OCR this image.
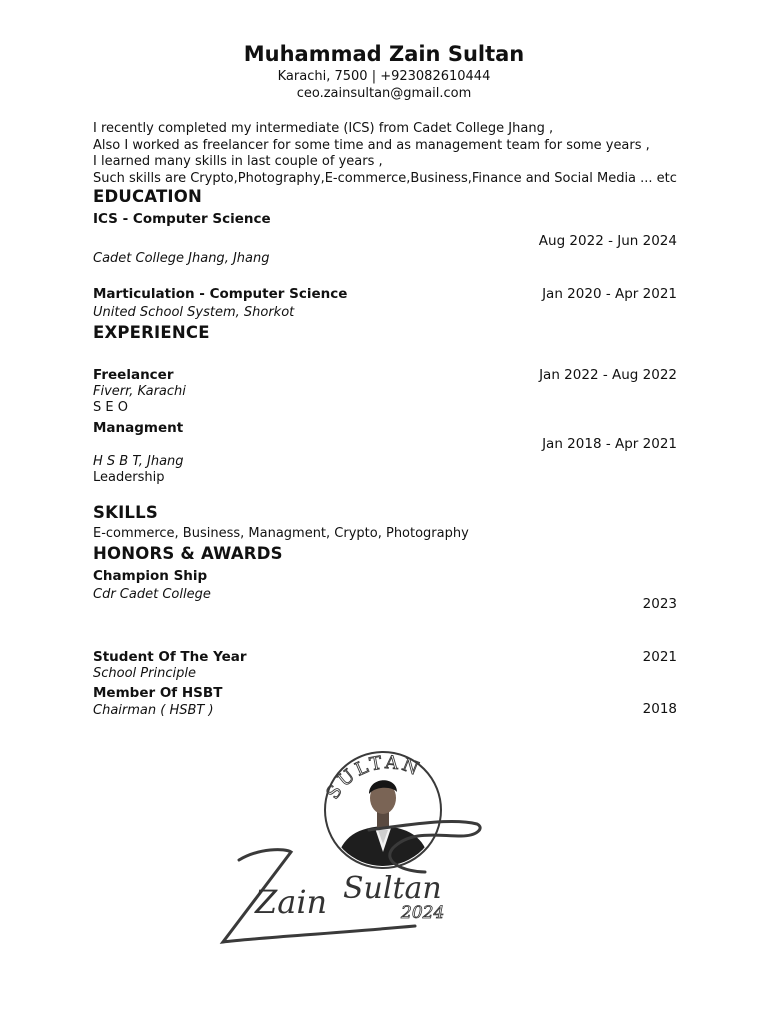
Muhammad Zain Sultan
Karachi, 7500 | +923082610444
ceo.zainsultan@gmail.com
I recently completed my intermediate (ICS) from Cadet College Jhang ,
Also I worked as freelancer for some time and as management team for some years ,
I learned many skills in last couple of years ,
Such skills are Crypto,Photography,E-commerce,Business,Finance and Social Media ... etc
EDUCATION
ICS - Computer Science
Aug 2022 - Jun 2024
Cadet College Jhang, Jhang
Marticulation - Computer Science	Jan 2020 - Apr 2021
United School System, Shorkot
EXPERIENCE
Freelancer	Jan 2022 - Aug 2022
Fiverr, Karachi
S E O
Managment
Jan 2018 - Apr 2021
H S B T, Jhang
Leadership
SKILLS
E-commerce, Business, Managment, Crypto, Photography
HONORS & AWARDS
Champion Ship
Cdr Cadet College
2023
Student Of The Year	2021
School Principle
Member Of HSBT
Chairman ( HSBT )	2018
SULTAN
Zain Sultan
2024
